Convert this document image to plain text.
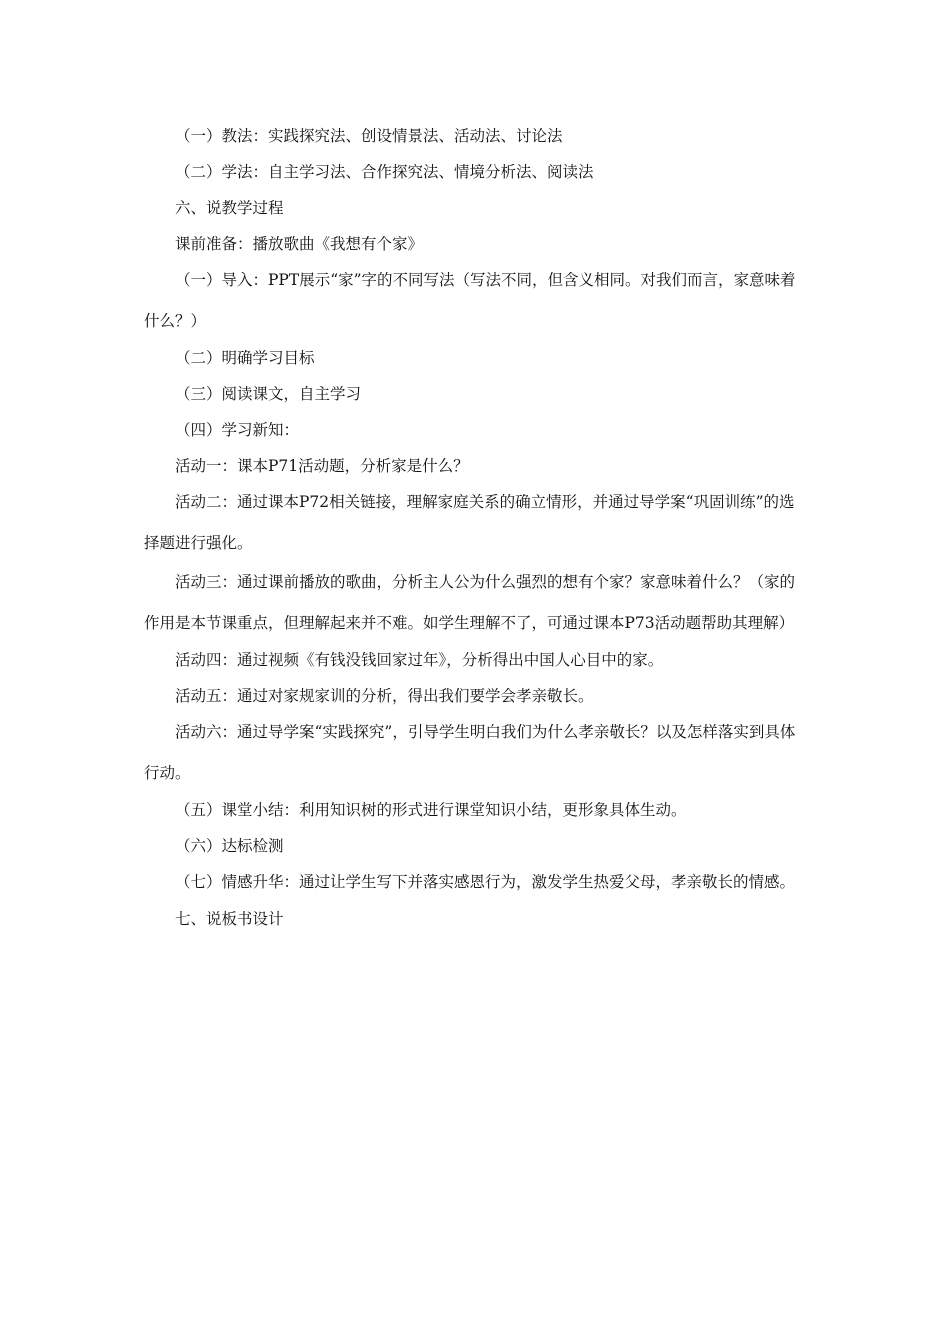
（一）教法：实践探究法、创设情景法、活动法、讨论法

（二）学法：自主学习法、合作探究法、情境分析法、阅读法

六、说教学过程

课前准备：播放歌曲《我想有个家》

（一）导入：PPT展示“家”字的不同写法（写法不同，但含义相同。对我们而言，家意味着什么？）

（二）明确学习目标

（三）阅读课文，自主学习

（四）学习新知：

活动一：课本P71活动题，分析家是什么？

活动二：通过课本P72相关链接，理解家庭关系的确立情形，并通过导学案“巩固训练”的选择题进行强化。

活动三：通过课前播放的歌曲，分析主人公为什么强烈的想有个家？家意味着什么？（家的作用是本节课重点，但理解起来并不难。如学生理解不了，可通过课本P73活动题帮助其理解）

活动四：通过视频《有钱没钱回家过年》，分析得出中国人心目中的家。

活动五：通过对家规家训的分析，得出我们要学会孝亲敬长。

活动六：通过导学案“实践探究”，引导学生明白我们为什么孝亲敬长？以及怎样落实到具体行动。

（五）课堂小结：利用知识树的形式进行课堂知识小结，更形象具体生动。

（六）达标检测

（七）情感升华：通过让学生写下并落实感恩行为，激发学生热爱父母，孝亲敬长的情感。

七、说板书设计
